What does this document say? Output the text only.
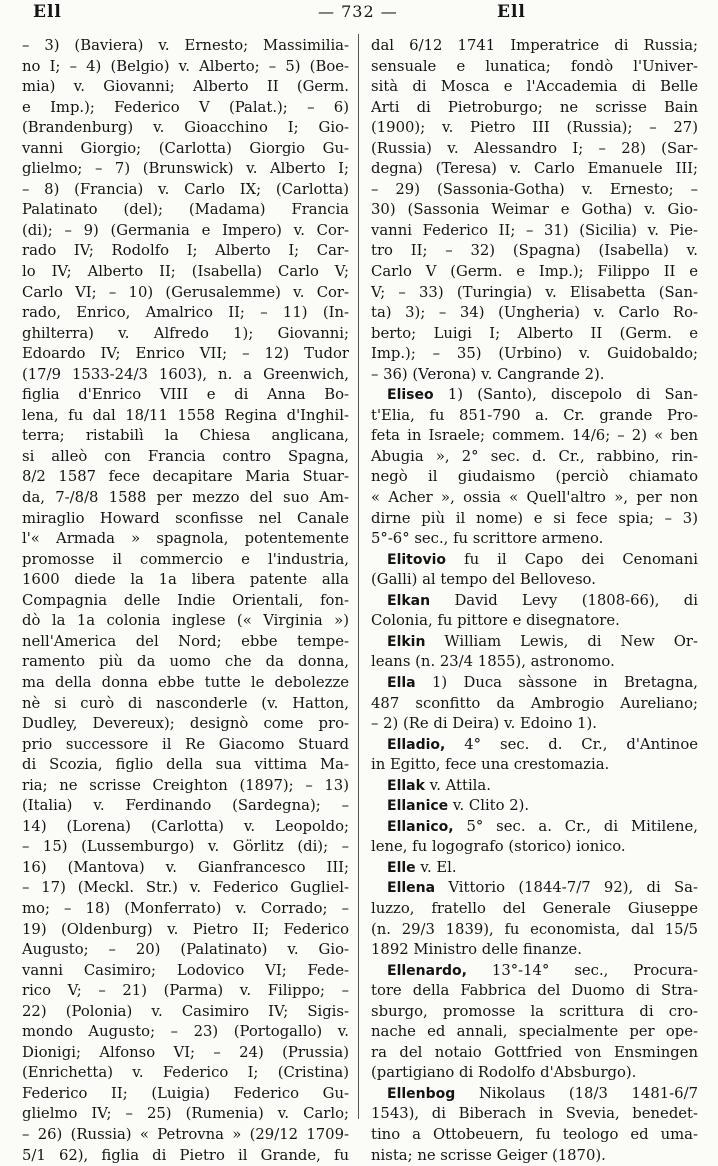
Ell	— 732 —	Ell
– 3) (Baviera) v. Ernesto; Massimilia-
no I; – 4) (Belgio) v. Alberto; – 5) (Boe-
mia) v. Giovanni; Alberto II (Germ.
e Imp.); Federico V (Palat.); – 6)
(Brandenburg) v. Gioacchino I; Gio-
vanni Giorgio; (Carlotta) Giorgio Gu-
glielmo; – 7) (Brunswick) v. Alberto I;
– 8) (Francia) v. Carlo IX; (Carlotta)
Palatinato (del); (Madama) Francia
(di); – 9) (Germania e Impero) v. Cor-
rado IV; Rodolfo I; Alberto I; Car-
lo IV; Alberto II; (Isabella) Carlo V;
Carlo VI; – 10) (Gerusalemme) v. Cor-
rado, Enrico, Amalrico II; – 11) (In-
ghilterra) v. Alfredo 1); Giovanni;
Edoardo IV; Enrico VII; – 12) Tudor
(17/9 1533-24/3 1603), n. a Greenwich,
figlia d'Enrico VIII e di Anna Bo-
lena, fu dal 18/11 1558 Regina d'Inghil-
terra; ristabilì la Chiesa anglicana,
si alleò con Francia contro Spagna,
8/2 1587 fece decapitare Maria Stuar-
da, 7-/8/8 1588 per mezzo del suo Am-
miraglio Howard sconfisse nel Canale
l'« Armada » spagnola, potentemente
promosse il commercio e l'industria,
1600 diede la 1a libera patente alla
Compagnia delle Indie Orientali, fon-
dò la 1a colonia inglese (« Virginia »)
nell'America del Nord; ebbe tempe-
ramento più da uomo che da donna,
ma della donna ebbe tutte le debolezze
nè si curò di nasconderle (v. Hatton,
Dudley, Devereux); designò come pro-
prio successore il Re Giacomo Stuard
di Scozia, figlio della sua vittima Ma-
ria; ne scrisse Creighton (1897); – 13)
(Italia) v. Ferdinando (Sardegna); –
14) (Lorena) (Carlotta) v. Leopoldo;
– 15) (Lussemburgo) v. Görlitz (di); –
16) (Mantova) v. Gianfrancesco III;
– 17) (Meckl. Str.) v. Federico Gugliel-
mo; – 18) (Monferrato) v. Corrado; –
19) (Oldenburg) v. Pietro II; Federico
Augusto; – 20) (Palatinato) v. Gio-
vanni Casimiro; Lodovico VI; Fede-
rico V; – 21) (Parma) v. Filippo; –
22) (Polonia) v. Casimiro IV; Sigis-
mondo Augusto; – 23) (Portogallo) v.
Dionigi; Alfonso VI; – 24) (Prussia)
(Enrichetta) v. Federico I; (Cristina)
Federico II; (Luigia) Federico Gu-
glielmo IV; – 25) (Rumenia) v. Carlo;
– 26) (Russia) « Petrovna » (29/12 1709-
5/1 62), figlia di Pietro il Grande, fu
dal 6/12 1741 Imperatrice di Russia;
sensuale e lunatica; fondò l'Univer-
sità di Mosca e l'Accademia di Belle
Arti di Pietroburgo; ne scrisse Bain
(1900); v. Pietro III (Russia); – 27)
(Russia) v. Alessandro I; – 28) (Sar-
degna) (Teresa) v. Carlo Emanuele III;
– 29) (Sassonia-Gotha) v. Ernesto; –
30) (Sassonia Weimar e Gotha) v. Gio-
vanni Federico II; – 31) (Sicilia) v. Pie-
tro II; – 32) (Spagna) (Isabella) v.
Carlo V (Germ. e Imp.); Filippo II e
V; – 33) (Turingia) v. Elisabetta (San-
ta) 3); – 34) (Ungheria) v. Carlo Ro-
berto; Luigi I; Alberto II (Germ. e
Imp.); – 35) (Urbino) v. Guidobaldo;
– 36) (Verona) v. Cangrande 2).
Eliseo 1) (Santo), discepolo di San-
t'Elia, fu 851-790 a. Cr. grande Pro-
feta in Israele; commem. 14/6; – 2) « ben
Abugia », 2° sec. d. Cr., rabbino, rin-
negò il giudaismo (perciò chiamato
« Acher », ossia « Quell'altro », per non
dirne più il nome) e si fece spia; – 3)
5°-6° sec., fu scrittore armeno.
Elitovio fu il Capo dei Cenomani
(Galli) al tempo del Belloveso.
Elkan David Levy (1808-66), di
Colonia, fu pittore e disegnatore.
Elkin William Lewis, di New Or-
leans (n. 23/4 1855), astronomo.
Ella 1) Duca sàssone in Bretagna,
487 sconfitto da Ambrogio Aureliano;
– 2) (Re di Deira) v. Edoino 1).
Elladio, 4° sec. d. Cr., d'Antinoe
in Egitto, fece una crestomazia.
Ellak v. Attila.
Ellanice v. Clito 2).
Ellanico, 5° sec. a. Cr., di Mitilene,
lene, fu logografo (storico) ionico.
Elle v. El.
Ellena Vittorio (1844-7/7 92), di Sa-
luzzo, fratello del Generale Giuseppe
(n. 29/3 1839), fu economista, dal 15/5
1892 Ministro delle finanze.
Ellenardo, 13°-14° sec., Procura-
tore della Fabbrica del Duomo di Stra-
sburgo, promosse la scrittura di cro-
nache ed annali, specialmente per ope-
ra del notaio Gottfried von Ensmingen
(partigiano di Rodolfo d'Absburgo).
Ellenbog Nikolaus (18/3 1481-6/7
1543), di Biberach in Svevia, benedet-
tino a Ottobeuern, fu teologo ed uma-
nista; ne scrisse Geiger (1870).
